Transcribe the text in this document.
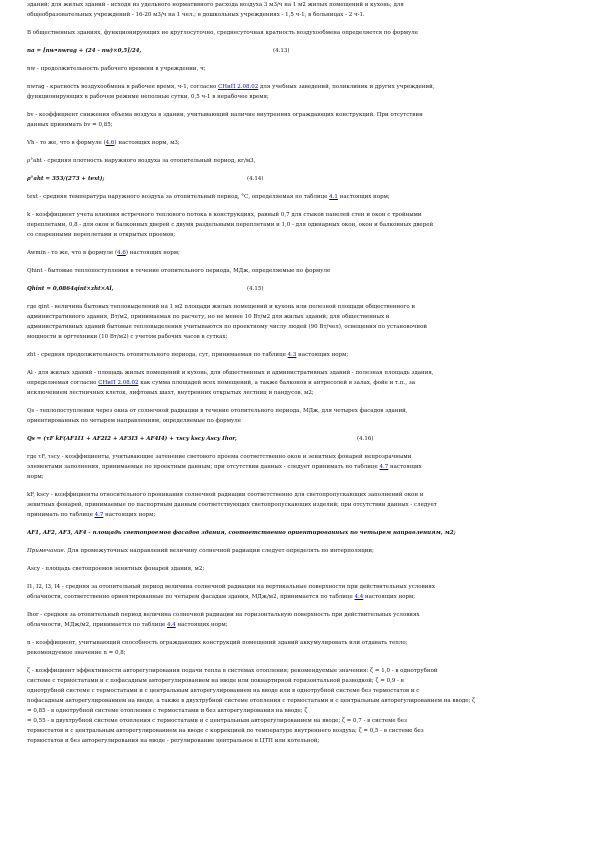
зданий; для жилых зданий - исходя из удельного нормативного расхода воздуха 3 м3/ч на 1 м2 жилых помещений и кухонь; для

общеобразовательных учреждений - 16-20 м3/ч на 1 чел.; в дошкольных учреждениях - 1,5 ч-1, в больницах - 2 ч-1.

В общественных зданиях, функционирующих не круглосуточно, среднесуточная кратность воздухообмена определяется по формуле

na = [nw•nwrag + (24 - nw)×0,5]/24,	(4.13)

nw - продолжительность рабочего времени в учреждении, ч;

nwrag - кратность воздухообмена в рабочее время, ч-1, согласно СНиП 2.08.02 для учебных заведений, поликлиник и других учреждений,

функционирующих в рабочем режиме неполные сутки, 0,5 ч-1 в нерабочее время;

bv - коэффициент снижения объема воздуха в здании, учитывающий наличие внутренних ограждающих конструкций. При отсутствии

данных принимать bv = 0,85;

Vh - то же, что в формуле (4.6) настоящих норм, м3;

ρ°aht - средняя плотность наружного воздуха за отопительный период, кг/м3,

ρ°aht = 353/(273 + text);	(4.14)

text - средняя температура наружного воздуха за отопительный период, °С, определяемая по таблице 4.1 настоящих норм;

k - коэффициент учета влияния встречного теплового потока в конструкциях, равный 0,7 для стыков панелей стен и окон с тройными

переплетами, 0,8 - для окон и балконных дверей с двумя раздельными переплетами и 1,0 - для одинарных окон, окон и балконных дверей

со спаренными переплетами и открытых проемов;

Awmin - то же, что в формуле (4.6) настоящих норм;

Qhint - бытовые теплопоступления в течение отопительного периода, МДж, определяемые по формуле

Qhint = 0,0864qint×zht×Al,	(4.15)

где qint - величина бытовых тепловыделений на 1 м2 площади жилых помещений и кухонь или полезной площади общественного и

административного здания, Вт/м2, принимаемая по расчету, но не менее 10 Вт/м2 для жилых зданий; для общественных и

административных зданий бытовые тепловыделения учитываются по проектному числу людей (90 Вт/чел), освещения по установочной

мощности и оргтехники (10 Вт/м2) с учетом рабочих часов в сутках;

zht - средняя продолжительность отопительного периода, сут, принимаемая по таблице 4.3 настоящих норм;

Al - для жилых зданий - площадь жилых помещений и кухонь, для общественных и административных зданий - полезная площадь здания,

определяемая согласно СНиП 2.08.02 как сумма площадей всех помещений, а также балконов и антресолей в залах, фойе и т.п., за

исключением лестничных клеток, лифтовых шахт, внутренних открытых лестниц и пандусов, м2;

Qs - теплопоступления через окна от солнечной радиации в течение отопительного периода, МДж, для четырех фасадов зданий,

ориентированных по четырем направлениям, определяемые по формуле

Qs = (τF kF(AF1I1 + AF2I2 + AF3I3 + AF4I4) + τscy kscy Ascy Ihor,	(4.16)

где τF, τscy - коэффициенты, учитывающие затенение светового проема соответственно окон и зенитных фонарей непрозрачными

элементами заполнения, принимаемые по проектным данным; при отсутствии данных - следует принимать по таблице 4.7 настоящих

норм;

kF, kscy - коэффициенты относительного проникания солнечной радиации соответственно для светопропускающих заполнений окон и

зенитных фонарей, принимаемые по паспортным данным соответствующих светопропускающих изделий; при отсутствии данных - следует

принимать по таблице 4.7 настоящих норм;

AF1, AF2, AF3, AF4 - площадь светопроемов фасадов здания, соответственно ориентированных по четырем направлениям, м2;

Примечание. Для промежуточных направлений величину солнечной радиации следует определять по интерполяции;

Ascy - площадь светопроемов зенитных фонарей здания, м2;

I1, I2, I3, I4 - средняя за отопительный период величина солнечной радиации на вертикальные поверхности при действительных условиях

облачности, соответственно ориентированные по четырем фасадам здания, МДж/м2, принимается по таблице 4.4 настоящих норм;

Ihor - средняя за отопительный период величина солнечной радиации на горизонтальную поверхность при действительных условиях

облачности, МДж/м2, принимается по таблице 4.4 настоящих норм;

n - коэффициент, учитывающий способность ограждающих конструкций помещений зданий аккумулировать или отдавать тепло;

рекомендуемое значение n = 0,8;

ζ - коэффициент эффективности авторегулирования подачи тепла в системах отопления; рекомендуемые значения: ζ = 1,0 - в однотрубной

системе с термостатами и с пофасадным авторегулированием на вводе или поквартирной горизонтальной разводкой; ζ = 0,9 - в

однотрубной системе с термостатами и с центральным авторегулированием на вводе или в однотрубной системе без термостатов и с

пофасадным авторегулированием на вводе, а также в двухтрубной системе отопления с термостатами и с центральным авторегулированием на вводе; ζ

= 0,85 - в однотрубной системе отопления с термостатами и без авторегулирования на вводе; ζ

= 0,55 - в двухтрубной системе отопления с термостатами и с центральным авторегулированием на вводе; ζ = 0,7 - в системе без

термостатов и с центральным авторегулированием на вводе с коррекцией по температуре внутреннего воздуха; ζ = 0,5 - в системе без

термостатов и без авторегулирования на вводе - регулирование центральное в ЦТП или котельной;
